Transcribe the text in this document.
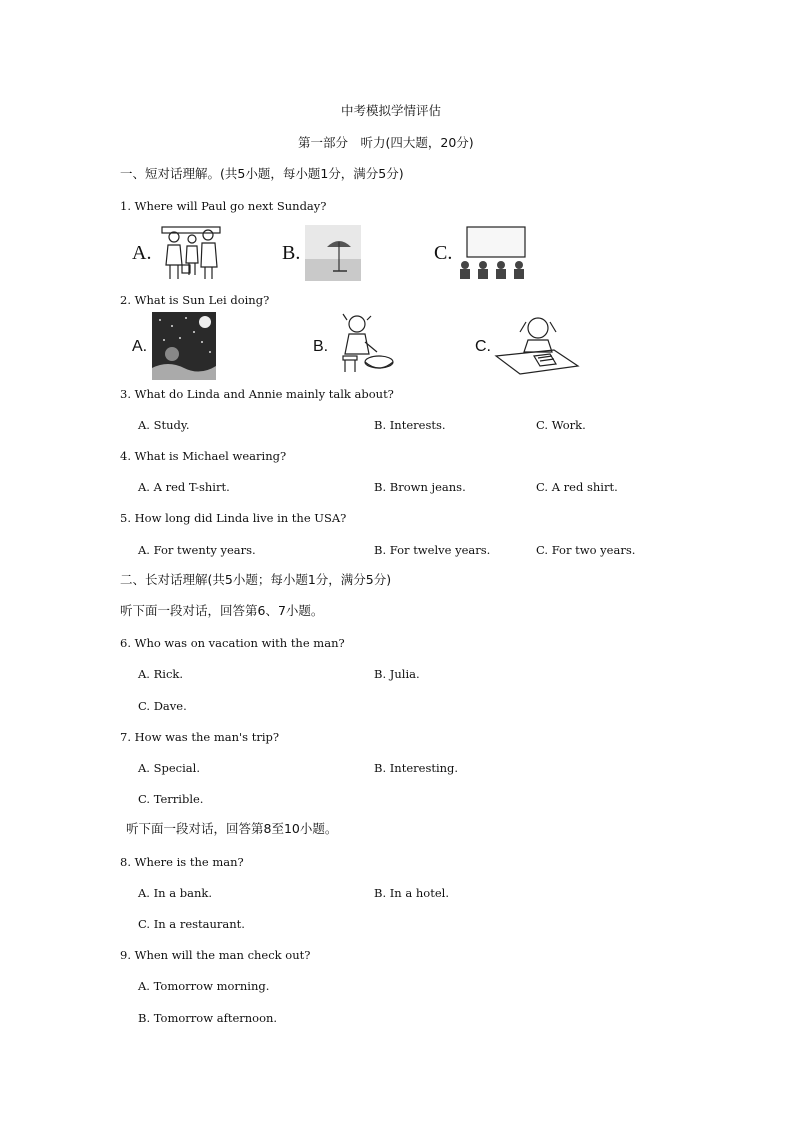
中考模拟学情评估
第一部分　听力(四大题，20分)
一、短对话理解。(共5小题，每小题1分，满分5分)
1. Where will Paul go next Sunday?
A.	B.	C.
2. What is Sun Lei doing?
A.	B.	C.
3. What do Linda and Annie mainly talk about?
A. Study.	B. Interests.	C. Work.
4. What is Michael wearing?
A. A red T-shirt.	B. Brown jeans.	C. A red shirt.
5. How long did Linda live in the USA?
A. For twenty years.	B. For twelve years.	C. For two years.
二、长对话理解(共5小题；每小题1分，满分5分)
听下面一段对话，回答第6、7小题。
6. Who was on vacation with the man?
A. Rick.	B. Julia.
C. Dave.
7. How was the man's trip?
A. Special.	B. Interesting.
C. Terrible.
听下面一段对话，回答第8至10小题。
8. Where is the man?
A. In a bank.	B. In a hotel.
C. In a restaurant.
9. When will the man check out?
A. Tomorrow morning.
B. Tomorrow afternoon.
